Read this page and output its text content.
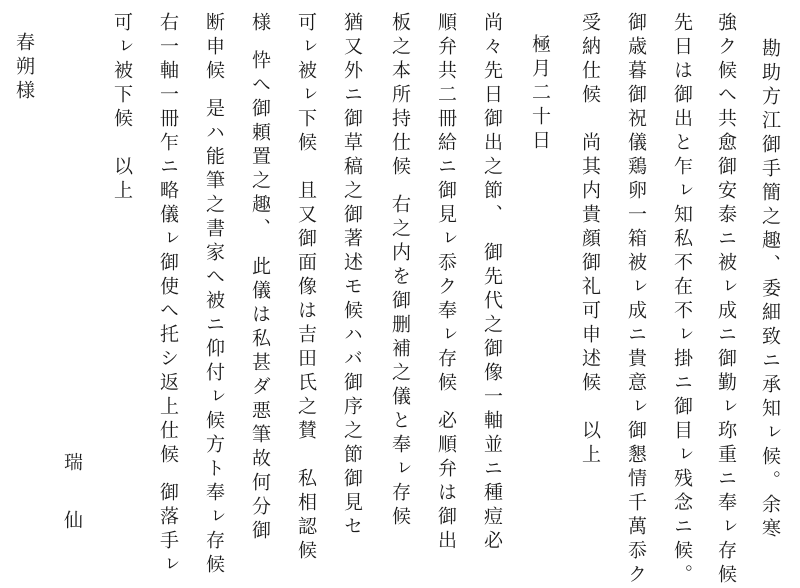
勘助方江御手簡之趣、委細致ニ承知ㇾ候。余寒
強ク候へ共愈御安泰ニ被ㇾ成ニ御勤ㇾ珎重ニ奉ㇾ存候
先日は御出と乍ㇾ知私不在不ㇾ掛ニ御目ㇾ残念ニ候。
御歳暮御祝儀鶏卵一箱被ㇾ成ニ貴意ㇾ御懇情千萬忝ク
受納仕候尚其内貴顔御礼可申述候　以上
極月二十日
尚々先日御出之節、御先代之御像一軸並ニ種痘必
順弁共二冊給ニ御見ㇾ忝ク奉ㇾ存候必順弁は御出
板之本所持仕候右之内を御删補之儀と奉ㇾ存候
猶又外ニ御草稿之御著述モ候ハバ御序之節御見セ
可ㇾ被ㇾ下候且又御面像は吉田氏之賛私相認候
様忰へ御頼置之趣、此儀は私甚ダ悪筆故何分御
断申候是ハ能筆之書家へ被ニ仰付ㇾ候方ト奉ㇾ存候
右一軸一冊乍ニ略儀ㇾ御使へ托シ返上仕候御落手ㇾ
可ㇾ被下候以上
瑞　仙
春朔様
